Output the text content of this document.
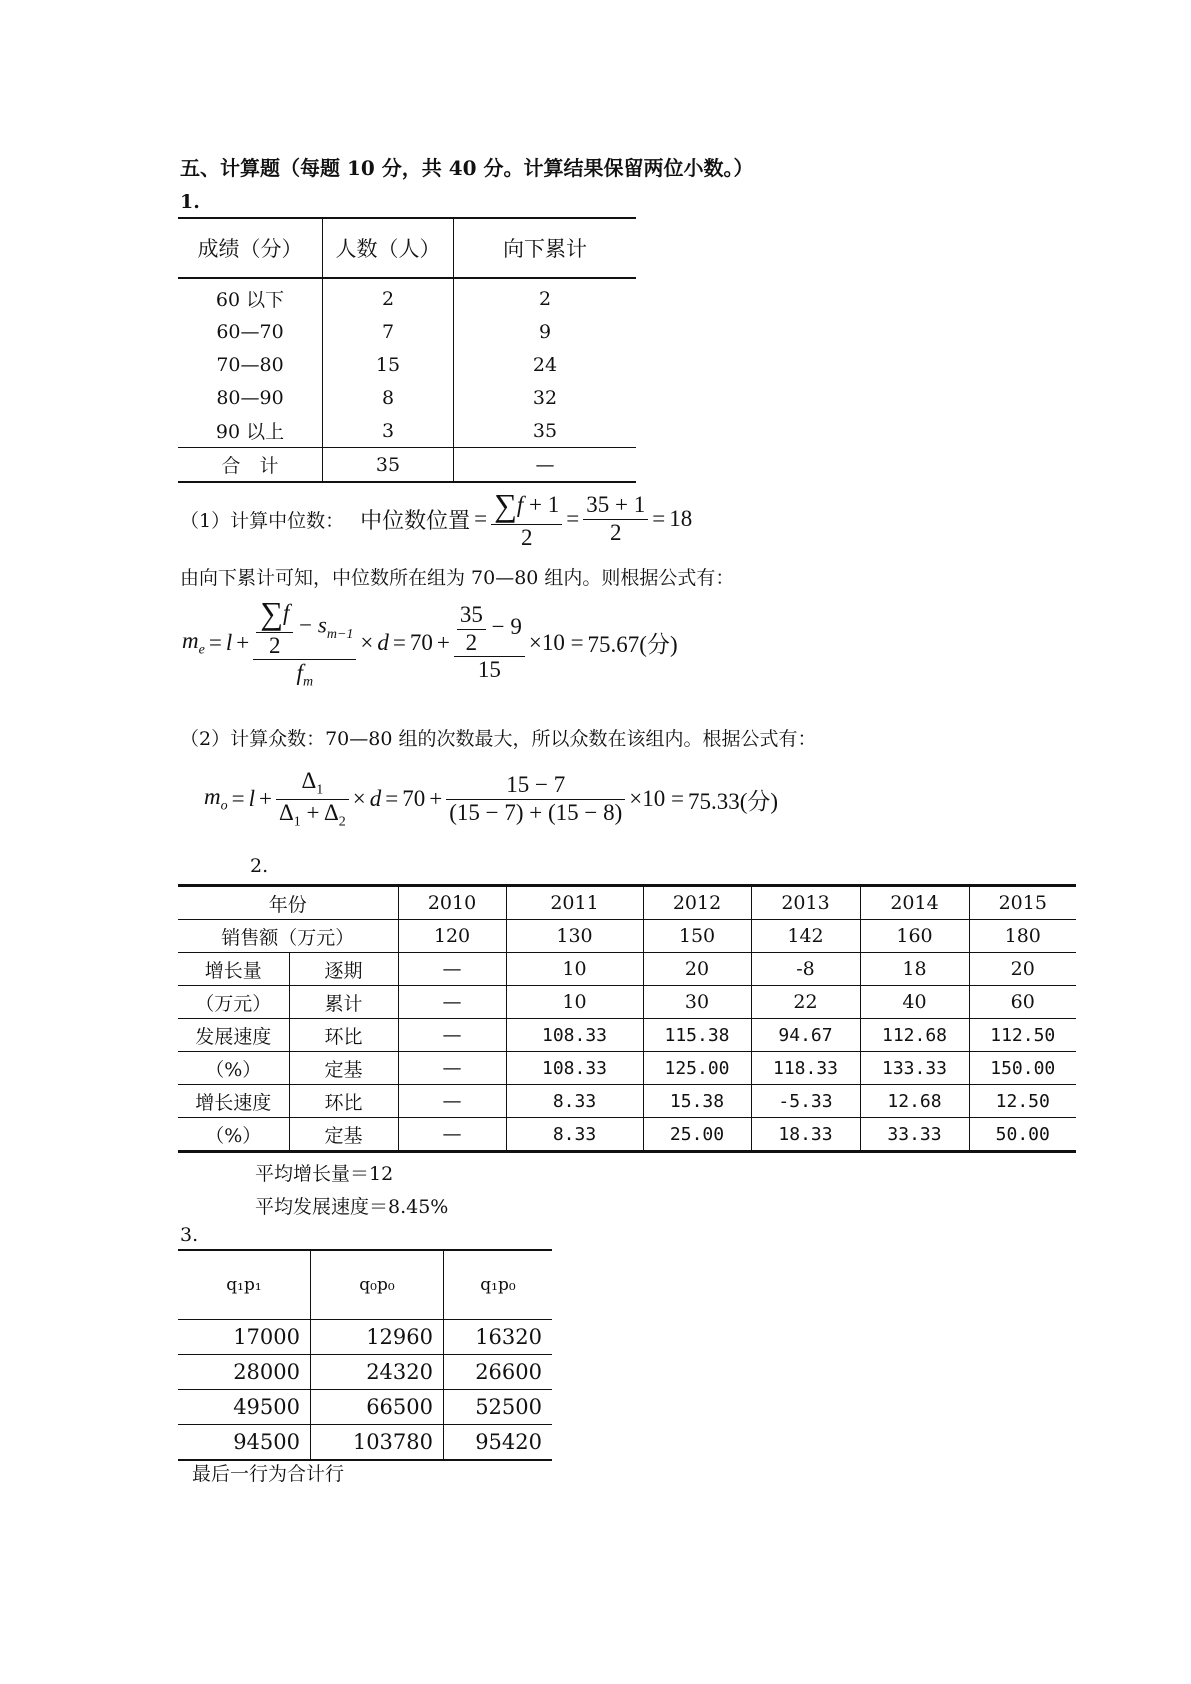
五、计算题（每题 10 分，共 40 分。计算结果保留两位小数。）
1.
成绩（分）	人数（人）	向下累计
60 以下	2	2
60—70	7	9
70—80	15	24
80—90	8	32
90 以上	3	35
合　计	35	—
（1）计算中位数： 中位数位置 = $\frac{\sum f + 1}{2} = \frac{35 + 1}{2} = 18$
由向下累计可知，中位数所在组为 70—80 组内。则根据公式有：
$m_e = l + \frac{\frac{\sum f}{2} - s_{m-1}}{f_m} \times d = 70 + \frac{\frac{35}{2} - 9}{15} \times 10 = 75.67$(分)
（2）计算众数：70—80 组的次数最大，所以众数在该组内。根据公式有：
$m_o = l + \frac{\Delta_1}{\Delta_1 + \Delta_2} \times d = 70 + \frac{15 - 7}{(15 - 7) + (15 - 8)} \times 10 = 75.33$(分)
2.
年份		2010	2011	2012	2013	2014	2015
销售额（万元）		120	130	150	142	160	180
增长量	逐期	—	10	20	-8	18	20
（万元）	累计	—	10	30	22	40	60
发展速度	环比	—	108.33	115.38	94.67	112.68	112.50
（%）	定基	—	108.33	125.00	118.33	133.33	150.00
增长速度	环比	—	8.33	15.38	-5.33	12.68	12.50
（%）	定基	—	8.33	25.00	18.33	33.33	50.00
平均增长量＝12
平均发展速度＝8.45%
3.
q₁p₁	q₀p₀	q₁p₀
17000	12960	16320
28000	24320	26600
49500	66500	52500
94500	103780	95420
最后一行为合计行
